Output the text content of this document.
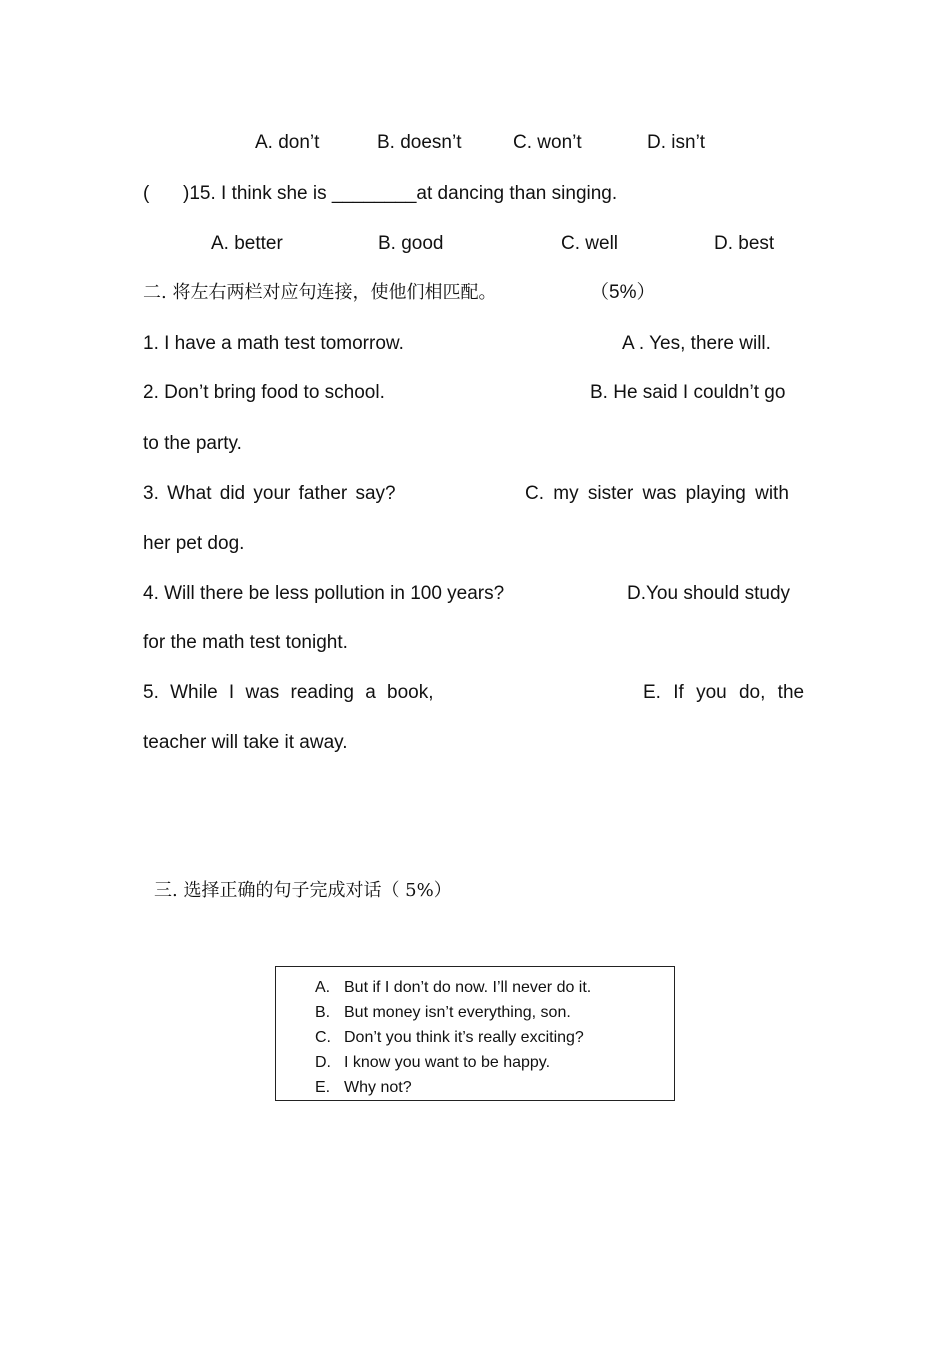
A. don’t	B. doesn’t	C. won’t	D. isn’t
( )15. I think she is ________at dancing than singing.
A. better	B. good	C. well	D. best
二. 将左右两栏对应句连接，使他们相匹配。	（5%）
1. I have a math test tomorrow.	A . Yes, there will.
2. Don’t bring food to school.	B. He said I couldn’t go
to the party.
3. What did your father say?	C. my sister was playing with
her pet dog.
4. Will there be less pollution in 100 years?	D.You should study
for the math test tonight.
5. While I was reading a book,	E. If you do, the
teacher will take it away.
三. 选择正确的句子完成对话（ 5%）
A. But if I don’t do now. I’ll never do it.
B. But money isn’t everything, son.
C. Don’t you think it’s really exciting?
D. I know you want to be happy.
E. Why not?
